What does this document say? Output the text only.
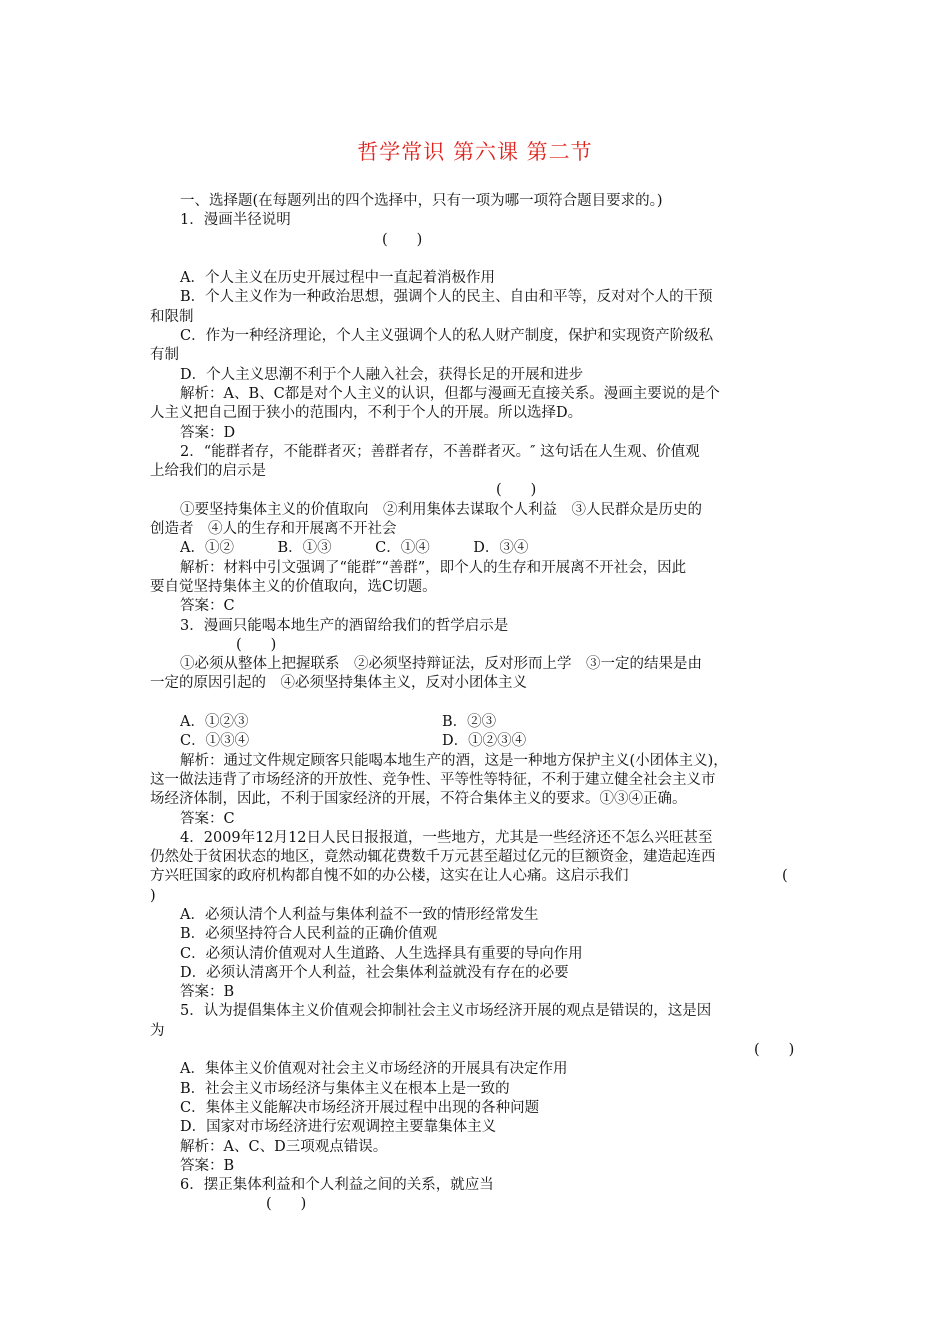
哲学常识 第六课 第二节
一、选择题(在每题列出的四个选择中，只有一项为哪一项符合题目要求的。)
1．漫画半径说明
(　　)
A．个人主义在历史开展过程中一直起着消极作用
B．个人主义作为一种政治思想，强调个人的民主、自由和平等，反对对个人的干预
和限制
C．作为一种经济理论，个人主义强调个人的私人财产制度，保护和实现资产阶级私
有制
D．个人主义思潮不利于个人融入社会，获得长足的开展和进步
解析：A、B、C都是对个人主义的认识，但都与漫画无直接关系。漫画主要说的是个
人主义把自己囿于狭小的范围内，不利于个人的开展。所以选择D。
答案：D
2．“能群者存，不能群者灭；善群者存，不善群者灭。″ 这句话在人生观、价值观
上给我们的启示是
(　　)
①要坚持集体主义的价值取向　②利用集体去谋取个人利益　③人民群众是历史的
创造者　④人的生存和开展离不开社会
A．①②　　　B．①③　　　C．①④　　　D．③④
解析：材料中引文强调了“能群″“善群”，即个人的生存和开展离不开社会，因此
要自觉坚持集体主义的价值取向，选C切题。
答案：C
3．漫画只能喝本地生产的酒留给我们的哲学启示是
(　　)
①必须从整体上把握联系　②必须坚持辩证法，反对形而上学　③一定的结果是由
一定的原因引起的　④必须坚持集体主义，反对小团体主义
A．①②③	B．②③
C．①③④	D．①②③④
解析：通过文件规定顾客只能喝本地生产的酒，这是一种地方保护主义(小团体主义)，
这一做法违背了市场经济的开放性、竞争性、平等性等特征，不利于建立健全社会主义市
场经济体制，因此，不利于国家经济的开展，不符合集体主义的要求。①③④正确。
答案：C
4．2009年12月12日人民日报报道，一些地方，尤其是一些经济还不怎么兴旺甚至
仍然处于贫困状态的地区，竟然动辄花费数千万元甚至超过亿元的巨额资金，建造起连西
方兴旺国家的政府机构都自愧不如的办公楼，这实在让人心痛。这启示我们	(
)
A．必须认清个人利益与集体利益不一致的情形经常发生
B．必须坚持符合人民利益的正确价值观
C．必须认清价值观对人生道路、人生选择具有重要的导向作用
D．必须认清离开个人利益，社会集体利益就没有存在的必要
答案：B
5．认为提倡集体主义价值观会抑制社会主义市场经济开展的观点是错误的，这是因
为
(　　)
A．集体主义价值观对社会主义市场经济的开展具有决定作用
B．社会主义市场经济与集体主义在根本上是一致的
C．集体主义能解决市场经济开展过程中出现的各种问题
D．国家对市场经济进行宏观调控主要靠集体主义
解析：A、C、D三项观点错误。
答案：B
6．摆正集体利益和个人利益之间的关系，就应当
(　　)
